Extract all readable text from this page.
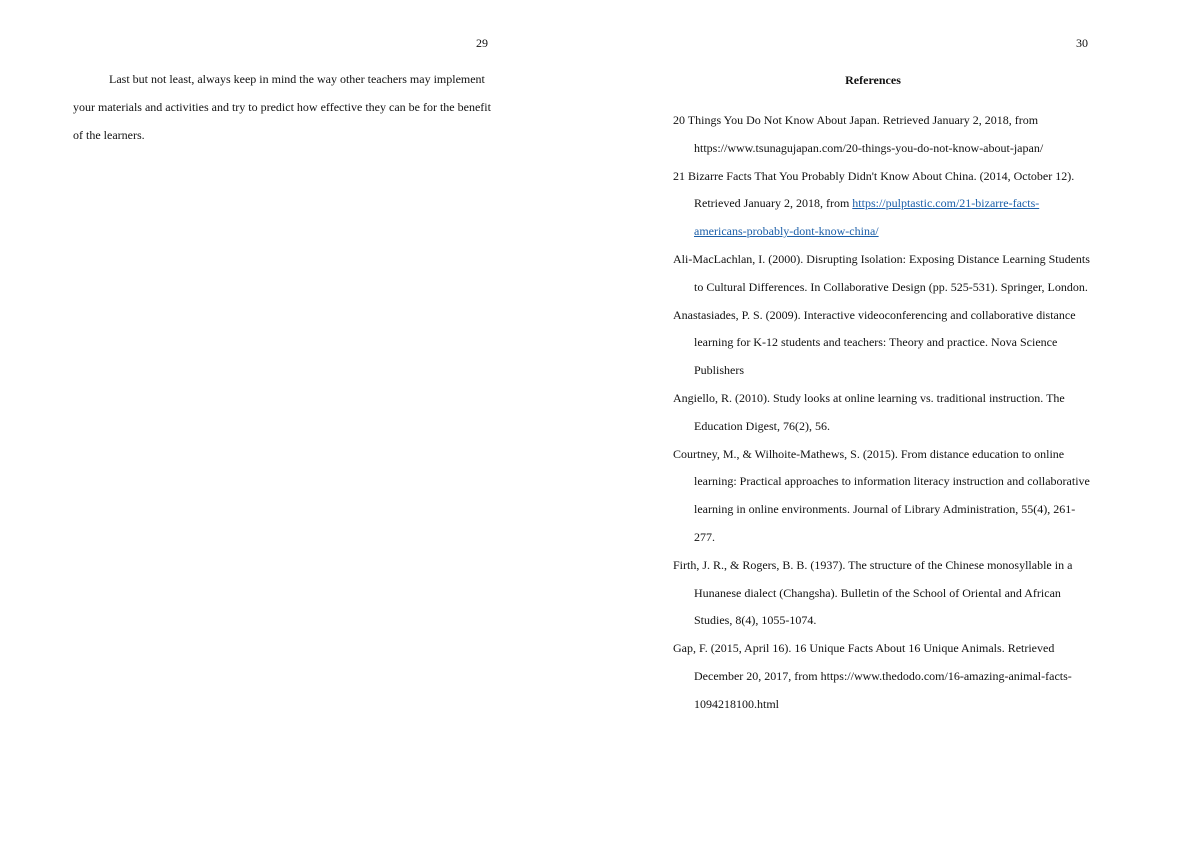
29

Last but not least, always keep in mind the way other teachers may implement your materials and activities and try to predict how effective they can be for the benefit of the learners.

30
References
20 Things You Do Not Know About Japan. Retrieved January 2, 2018, from https://www.tsunagujapan.com/20-things-you-do-not-know-about-japan/
21 Bizarre Facts That You Probably Didn't Know About China. (2014, October 12). Retrieved January 2, 2018, from https://pulptastic.com/21-bizarre-facts-americans-probably-dont-know-china/
Ali-MacLachlan, I. (2000). Disrupting Isolation: Exposing Distance Learning Students to Cultural Differences. In Collaborative Design (pp. 525-531). Springer, London.
Anastasiades, P. S. (2009). Interactive videoconferencing and collaborative distance learning for K-12 students and teachers: Theory and practice. Nova Science Publishers
Angiello, R. (2010). Study looks at online learning vs. traditional instruction. The Education Digest, 76(2), 56.
Courtney, M., & Wilhoite-Mathews, S. (2015). From distance education to online learning: Practical approaches to information literacy instruction and collaborative learning in online environments. Journal of Library Administration, 55(4), 261-277.
Firth, J. R., & Rogers, B. B. (1937). The structure of the Chinese monosyllable in a Hunanese dialect (Changsha). Bulletin of the School of Oriental and African Studies, 8(4), 1055-1074.
Gap, F. (2015, April 16). 16 Unique Facts About 16 Unique Animals. Retrieved December 20, 2017, from https://www.thedodo.com/16-amazing-animal-facts-1094218100.html
